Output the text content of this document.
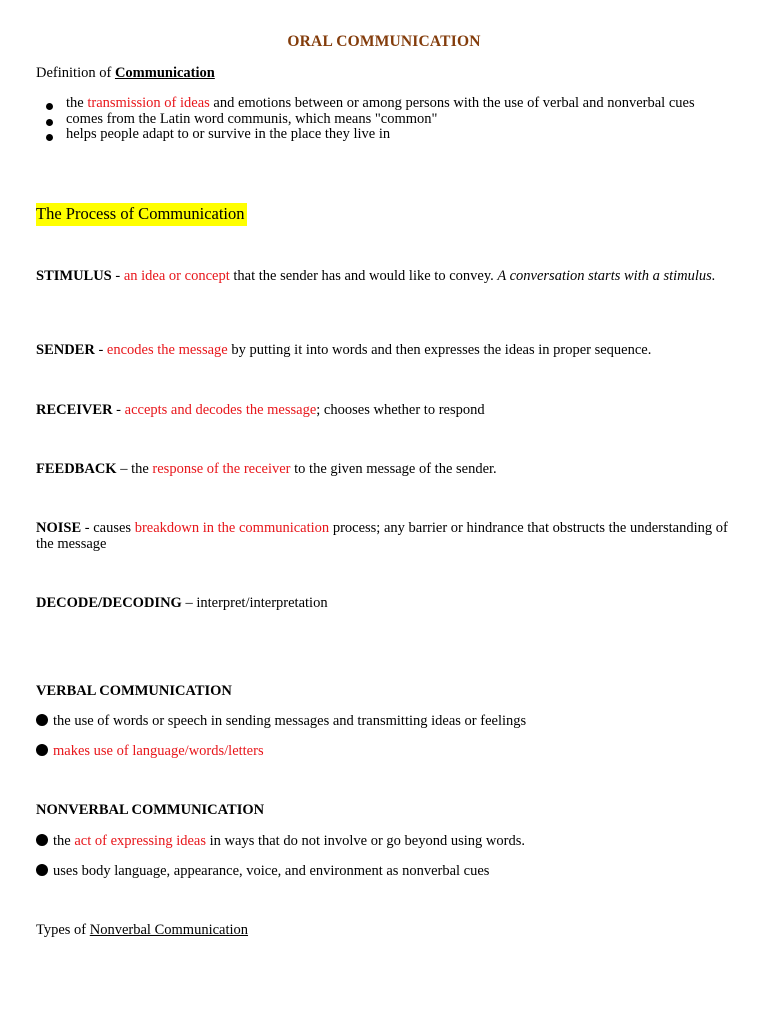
ORAL COMMUNICATION
Definition of Communication
the transmission of ideas and emotions between or among persons with the use of verbal and nonverbal cues
comes from the Latin word communis, which means "common"
helps people adapt to or survive in the place they live in
The Process of Communication
STIMULUS - an idea or concept that the sender has and would like to convey. A conversation starts with a stimulus.
SENDER - encodes the message by putting it into words and then expresses the ideas in proper sequence.
RECEIVER - accepts and decodes the message; chooses whether to respond
FEEDBACK – the response of the receiver to the given message of the sender.
NOISE - causes breakdown in the communication process; any barrier or hindrance that obstructs the understanding of the message
DECODE/DECODING – interpret/interpretation
VERBAL COMMUNICATION
the use of words or speech in sending messages and transmitting ideas or feelings
makes use of language/words/letters
NONVERBAL COMMUNICATION
the act of expressing ideas in ways that do not involve or go beyond using words.
uses body language, appearance, voice, and environment as nonverbal cues
Types of Nonverbal Communication
